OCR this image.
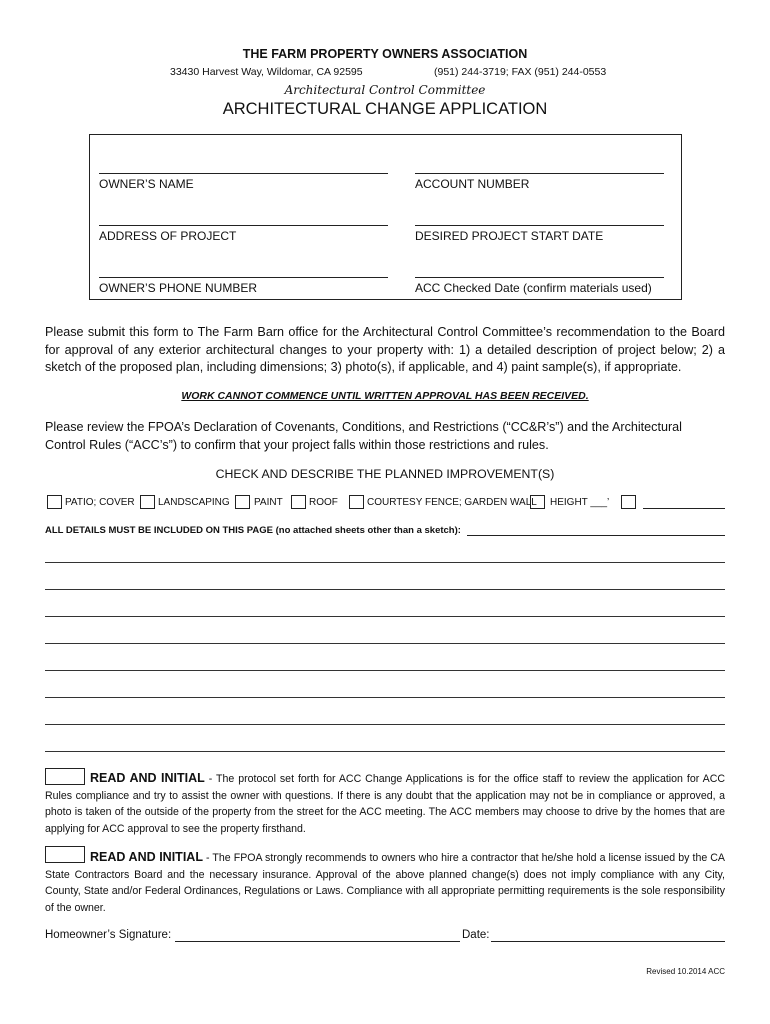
THE FARM PROPERTY OWNERS ASSOCIATION
33430 Harvest Way, Wildomar, CA 92595	(951) 244-3719; FAX (951) 244-0553
Architectural Control Committee
ARCHITECTURAL CHANGE APPLICATION
OWNER’S NAME	ACCOUNT NUMBER
ADDRESS OF PROJECT	DESIRED PROJECT START DATE
OWNER’S PHONE NUMBER	ACC Checked Date (confirm materials used)
Please submit this form to The Farm Barn office for the Architectural Control Committee’s recommendation to the Board for approval of any exterior architectural changes to your property with: 1) a detailed description of project below; 2) a sketch of the proposed plan, including dimensions; 3) photo(s), if applicable, and 4) paint sample(s), if appropriate.
WORK CANNOT COMMENCE UNTIL WRITTEN APPROVAL HAS BEEN RECEIVED.
Please review the FPOA’s Declaration of Covenants, Conditions, and Restrictions (“CC&R’s”) and the Architectural Control Rules (“ACC’s”) to confirm that your project falls within those restrictions and rules.
CHECK AND DESCRIBE THE PLANNED IMPROVEMENT(S)
PATIO; COVER LANDSCAPING PAINT	ROOF	COURTESY FENCE; GARDEN WALL HEIGHT ___’
ALL DETAILS MUST BE INCLUDED ON THIS PAGE (no attached sheets other than a sketch):
READ AND INITIAL - The protocol set forth for ACC Change Applications is for the office staff to review the application for ACC Rules compliance and try to assist the owner with questions. If there is any doubt that the application may not be in compliance or approved, a photo is taken of the outside of the property from the street for the ACC meeting. The ACC members may choose to drive by the homes that are applying for ACC approval to see the property firsthand.
READ AND INITIAL - The FPOA strongly recommends to owners who hire a contractor that he/she hold a license issued by the CA State Contractors Board and the necessary insurance. Approval of the above planned change(s) does not imply compliance with any City, County, State and/or Federal Ordinances, Regulations or Laws. Compliance with all appropriate permitting requirements is the sole responsibility of the owner.
Homeowner’s Signature:	Date:
Revised 10.2014 ACC
